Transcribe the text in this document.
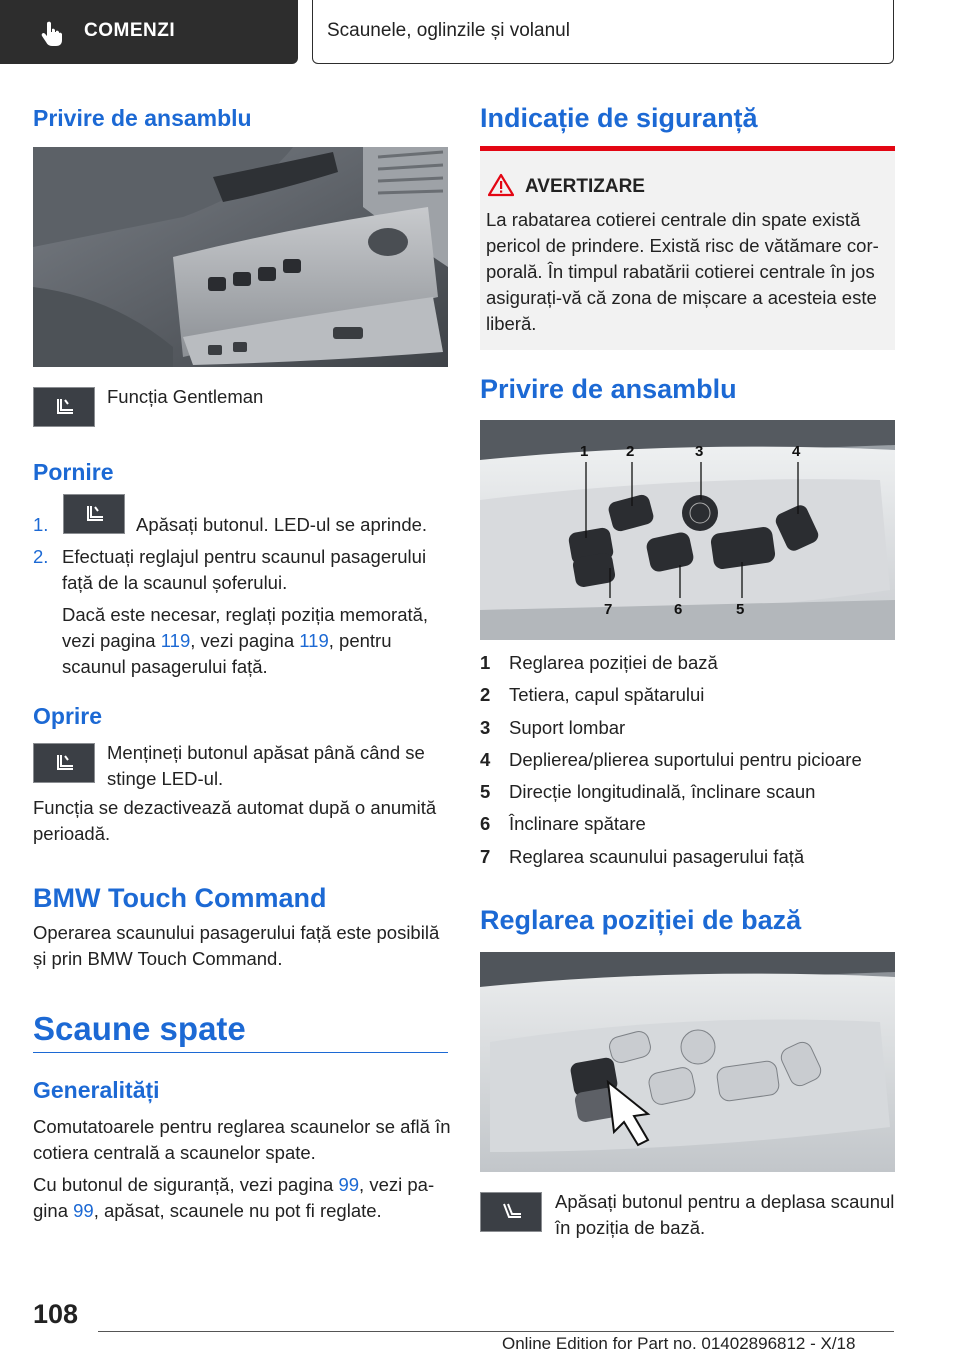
COMENZI	Scaunele, oglinzile și volanul
Privire de ansamblu
Funcția Gentleman
Pornire
1.	Apăsați butonul. LED-ul se aprinde.
2. Efectuați reglajul pentru scaunul pasagerului față de la scaunul șoferului.
Dacă este necesar, reglați poziția memorată, vezi pagina 119, vezi pagina 119, pentru scaunul pasagerului față.
Oprire
Mențineți butonul apăsat până când se stinge LED-ul.
Funcția se dezactivează automat după o anumită perioadă.
BMW Touch Command
Operarea scaunului pasagerului față este posibilă și prin BMW Touch Command.
Scaune spate
Generalități
Comutatoarele pentru reglarea scaunelor se află în cotiera centrală a scaunelor spate.
Cu butonul de siguranță, vezi pagina 99, vezi pagina 99, apăsat, scaunele nu pot fi reglate.
Indicație de siguranță
AVERTIZARE
La rabatarea cotierei centrale din spate există pericol de prindere. Există risc de vătămare corporală. În timpul rabatării cotierei centrale în jos asigurați-vă că zona de mișcare a acesteia este liberă.
Privire de ansamblu
1	2	3	4
7	6	5
1 Reglarea poziției de bază
2 Tetiera, capul spătarului
3 Suport lombar
4 Deplierea/plierea suportului pentru picioare
5 Direcție longitudinală, înclinare scaun
6 Înclinare spătare
7 Reglarea scaunului pasagerului față
Reglarea poziției de bază
Apăsați butonul pentru a deplasa scaunul în poziția de bază.
108
Online Edition for Part no. 01402896812 - X/18
